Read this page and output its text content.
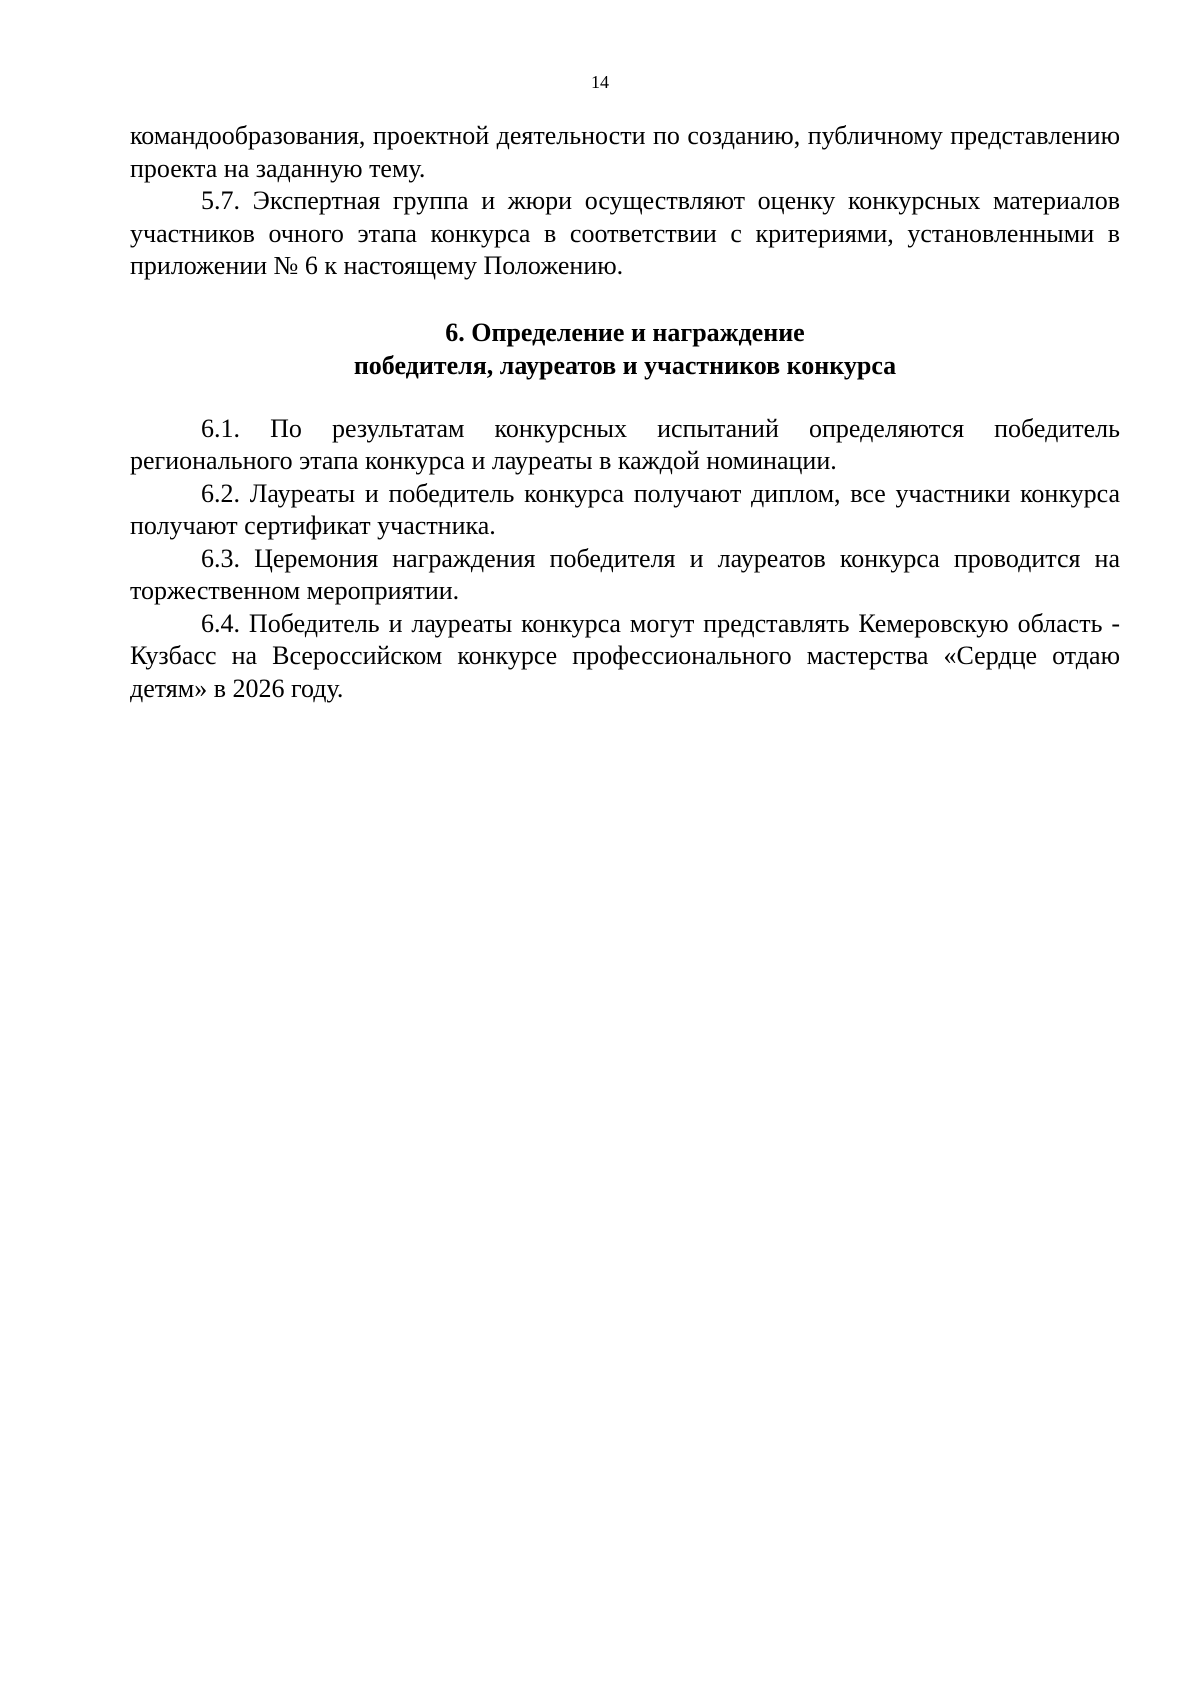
14

командообразования, проектной деятельности по созданию, публичному представлению проекта на заданную тему.

5.7. Экспертная группа и жюри осуществляют оценку конкурсных материалов участников очного этапа конкурса в соответствии с критериями, установленными в приложении № 6 к настоящему Положению.

6. Определение и награждение
победителя, лауреатов и участников конкурса

6.1. По результатам конкурсных испытаний определяются победитель регионального этапа конкурса и лауреаты в каждой номинации.

6.2. Лауреаты и победитель конкурса получают диплом, все участники конкурса получают сертификат участника.

6.3. Церемония награждения победителя и лауреатов конкурса проводится на торжественном мероприятии.

6.4. Победитель и лауреаты конкурса могут представлять Кемеровскую область - Кузбасс на Всероссийском конкурсе профессионального мастерства «Сердце отдаю детям» в 2026 году.
